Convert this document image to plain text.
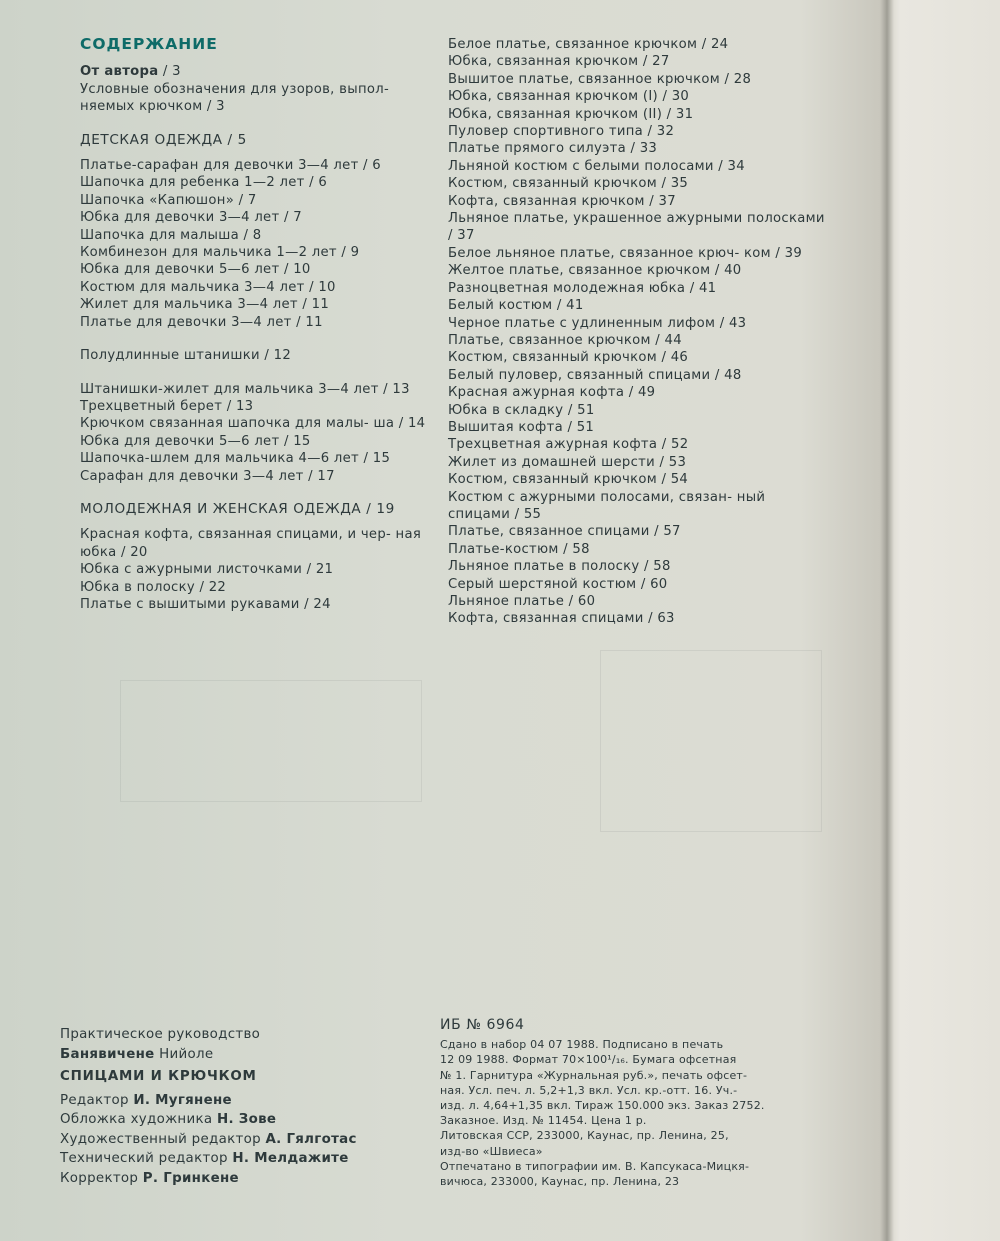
СОДЕРЖАНИЕ
От автора / 3
Условные обозначения для узоров, выпол- няемых крючком / 3
ДЕТСКАЯ ОДЕЖДА / 5
Платье-сарафан для девочки 3—4 лет / 6
Шапочка для ребенка 1—2 лет / 6
Шапочка «Капюшон» / 7
Юбка для девочки 3—4 лет / 7
Шапочка для малыша / 8
Комбинезон для мальчика 1—2 лет / 9
Юбка для девочки 5—6 лет / 10
Костюм для мальчика 3—4 лет / 10
Жилет для мальчика 3—4 лет / 11
Платье для девочки 3—4 лет / 11
Полудлинные штанишки / 12
Штанишки-жилет для мальчика 3—4 лет / 13
Трехцветный берет / 13
Крючком связанная шапочка для малы- ша / 14
Юбка для девочки 5—6 лет / 15
Шапочка-шлем для мальчика 4—6 лет / 15
Сарафан для девочки 3—4 лет / 17
МОЛОДЕЖНАЯ И ЖЕНСКАЯ ОДЕЖДА / 19
Красная кофта, связанная спицами, и чер- ная юбка / 20
Юбка с ажурными листочками / 21
Юбка в полоску / 22
Платье с вышитыми рукавами / 24
Белое платье, связанное крючком / 24
Юбка, связанная крючком / 27
Вышитое платье, связанное крючком / 28
Юбка, связанная крючком (I) / 30
Юбка, связанная крючком (II) / 31
Пуловер спортивного типа / 32
Платье прямого силуэта / 33
Льняной костюм с белыми полосами / 34
Костюм, связанный крючком / 35
Кофта, связанная крючком / 37
Льняное платье, украшенное ажурными полосками / 37
Белое льняное платье, связанное крюч- ком / 39
Желтое платье, связанное крючком / 40
Разноцветная молодежная юбка / 41
Белый костюм / 41
Черное платье с удлиненным лифом / 43
Платье, связанное крючком / 44
Костюм, связанный крючком / 46
Белый пуловер, связанный спицами / 48
Красная ажурная кофта / 49
Юбка в складку / 51
Вышитая кофта / 51
Трехцветная ажурная кофта / 52
Жилет из домашней шерсти / 53
Костюм, связанный крючком / 54
Костюм с ажурными полосами, связан- ный спицами / 55
Платье, связанное спицами / 57
Платье-костюм / 58
Льняное платье в полоску / 58
Серый шерстяной костюм / 60
Льняное платье / 60
Кофта, связанная спицами / 63
Практическое руководство
Банявичене Нийоле
СПИЦАМИ И КРЮЧКОМ
Редактор И. Мугянене
Обложка художника Н. Зове
Художественный редактор А. Гялготас
Технический редактор Н. Мелдажите
Корректор Р. Гринкене
ИБ № 6964
Сдано в набор 04 07 1988. Подписано в печать
12 09 1988. Формат 70×100¹/₁₆. Бумага офсетная
№ 1. Гарнитура «Журнальная руб.», печать офсет-
ная. Усл. печ. л. 5,2+1,3 вкл. Усл. кр.-отт. 16. Уч.-
изд. л. 4,64+1,35 вкл. Тираж 150.000 экз. Заказ 2752.
Заказное. Изд. № 11454. Цена 1 р.
Литовская ССР, 233000, Каунас, пр. Ленина, 25,
изд-во «Швиеса»
Отпечатано в типографии им. В. Капсукаса-Мицкя-
вичюса, 233000, Каунас, пр. Ленина, 23
